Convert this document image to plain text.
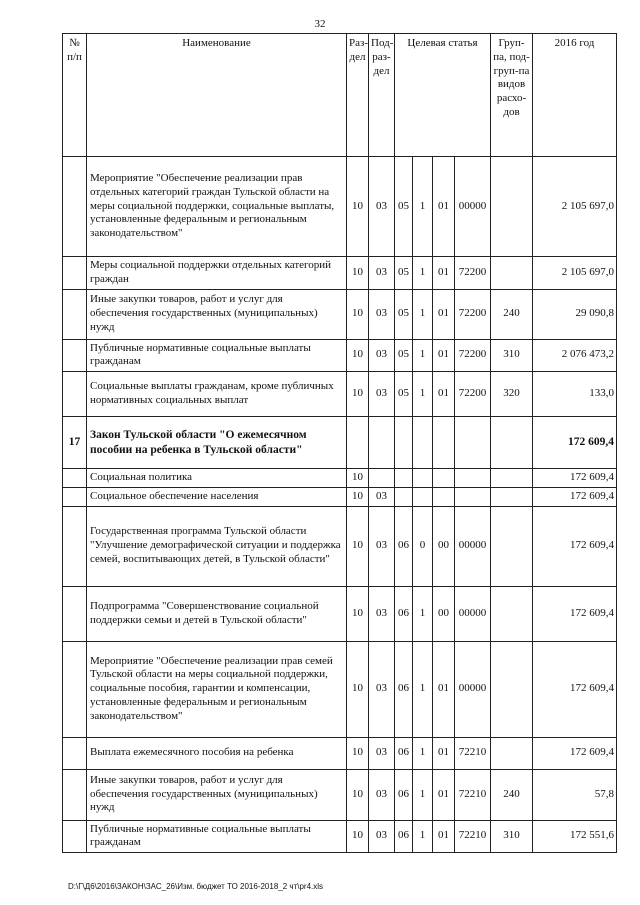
32
№ п/п	Наименование	Раз-дел	Под-раз-дел	Целевая статья				Груп-па, под-груп-па видов расхо-дов	2016 год
	Мероприятие "Обеспечение реализации прав отдельных категорий граждан Тульской области на меры социальной поддержки, социальные выплаты, установленные федеральным и региональным законодательством"	10	03	05	1	01	00000		2 105 697,0
	Меры социальной поддержки отдельных категорий граждан	10	03	05	1	01	72200		2 105 697,0
	Иные закупки товаров, работ и услуг для обеспечения государственных (муниципальных) нужд	10	03	05	1	01	72200	240	29 090,8
	Публичные нормативные социальные выплаты гражданам	10	03	05	1	01	72200	310	2 076 473,2
	Социальные выплаты гражданам, кроме публичных нормативных социальных выплат	10	03	05	1	01	72200	320	133,0
17	Закон Тульской области "О ежемесячном пособии на ребенка в Тульской области"								172 609,4
	Социальная политика	10							172 609,4
	Социальное обеспечение населения	10	03						172 609,4
	Государственная программа Тульской области "Улучшение демографической ситуации и поддержка семей, воспитывающих детей, в Тульской области"	10	03	06	0	00	00000		172 609,4
	Подпрограмма "Совершенствование социальной поддержки семьи и детей в Тульской области"	10	03	06	1	00	00000		172 609,4
	Мероприятие "Обеспечение реализации прав семей Тульской области на меры социальной поддержки, социальные пособия, гарантии и компенсации, установленные федеральным и региональным законодательством"	10	03	06	1	01	00000		172 609,4
	Выплата ежемесячного пособия на ребенка	10	03	06	1	01	72210		172 609,4
	Иные закупки товаров, работ и услуг для обеспечения государственных (муниципальных) нужд	10	03	06	1	01	72210	240	57,8
	Публичные нормативные социальные выплаты гражданам	10	03	06	1	01	72210	310	172 551,6
D:\Г\Д6\2016\ЗАКОН\ЗАС_26\Изм. бюджет ТО 2016-2018_2 чт\pr4.xls
